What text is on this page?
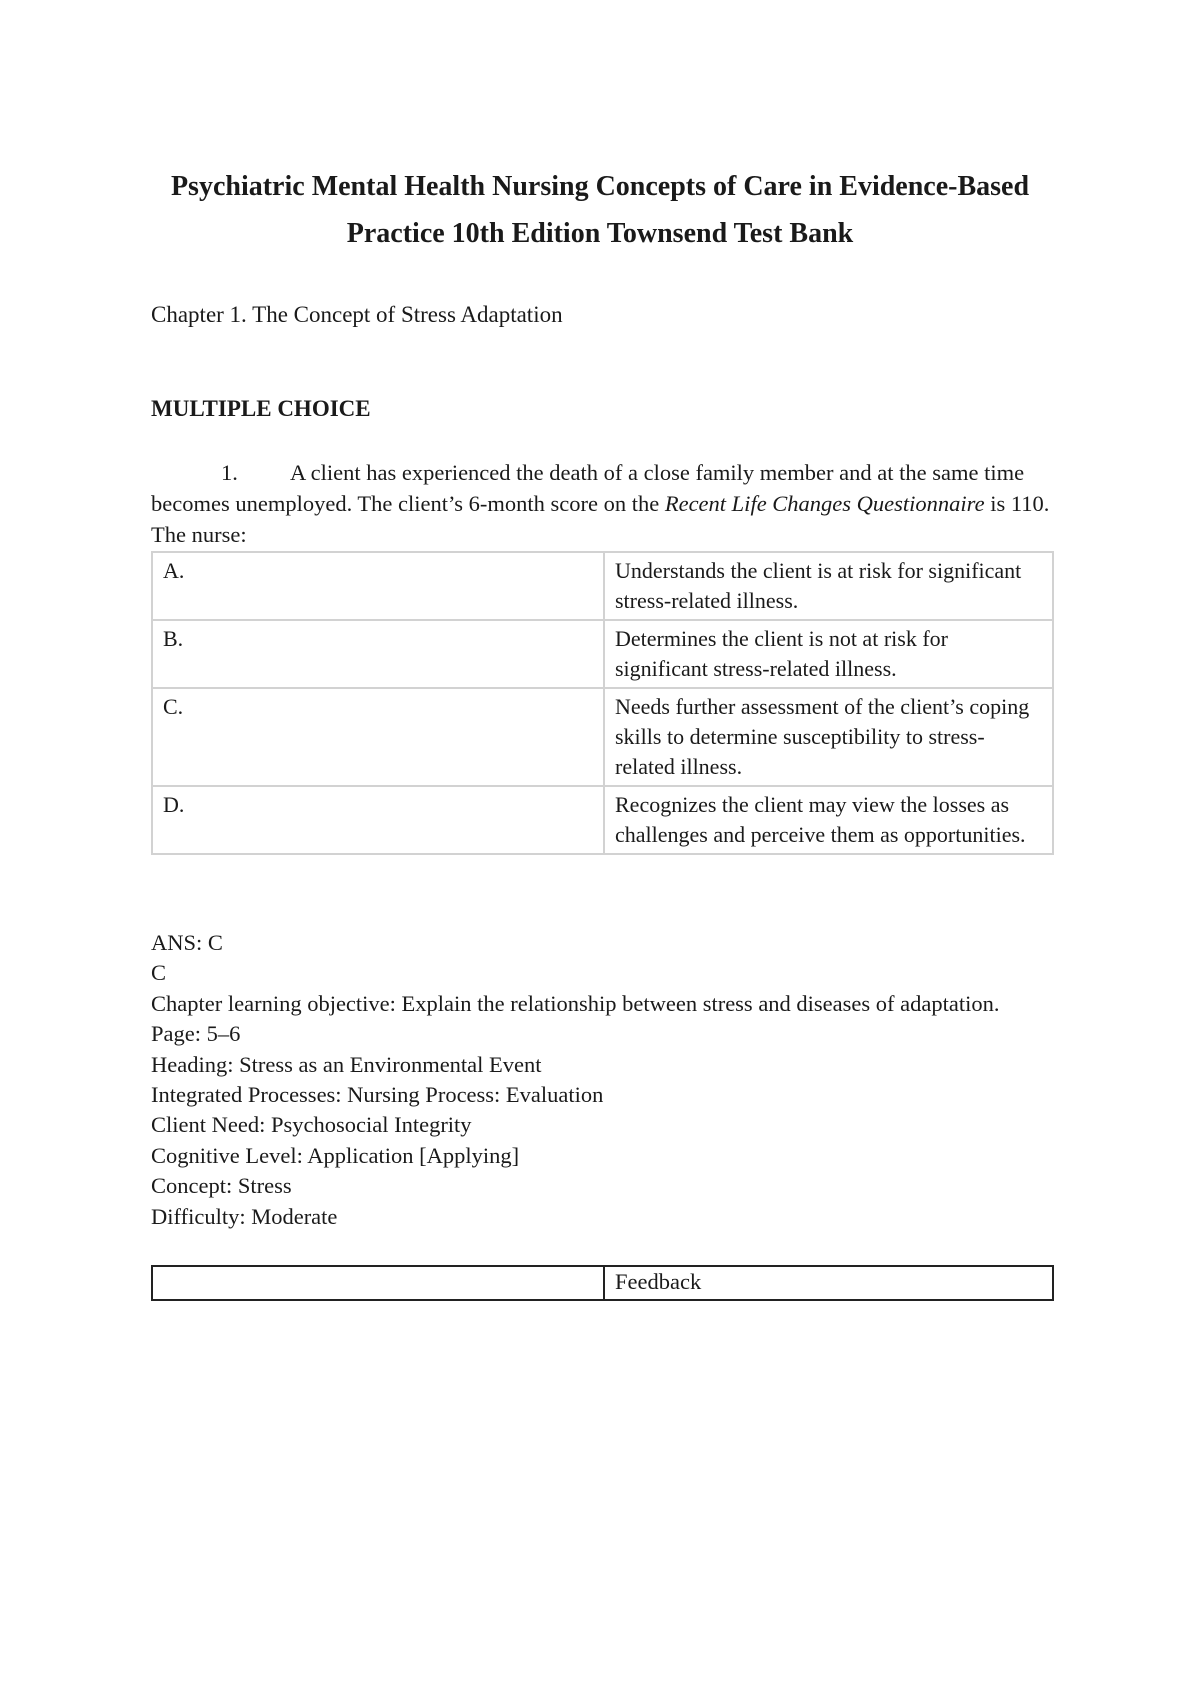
Psychiatric Mental Health Nursing Concepts of Care in Evidence-Based
Practice 10th Edition Townsend Test Bank

Chapter 1. The Concept of Stress Adaptation

MULTIPLE CHOICE

1. A client has experienced the death of a close family member and at the same time becomes unemployed. The client’s 6-month score on the Recent Life Changes Questionnaire is 110. The nurse:

A.	Understands the client is at risk for significant stress-related illness.
B.	Determines the client is not at risk for significant stress-related illness.
C.	Needs further assessment of the client’s coping skills to determine susceptibility to stress-related illness.
D.	Recognizes the client may view the losses as challenges and perceive them as opportunities.
ANS: C
C
Chapter learning objective: Explain the relationship between stress and diseases of adaptation.
Page: 5–6
Heading: Stress as an Environmental Event
Integrated Processes: Nursing Process: Evaluation
Client Need: Psychosocial Integrity
Cognitive Level: Application [Applying]
Concept: Stress
Difficulty: Moderate
	Feedback
